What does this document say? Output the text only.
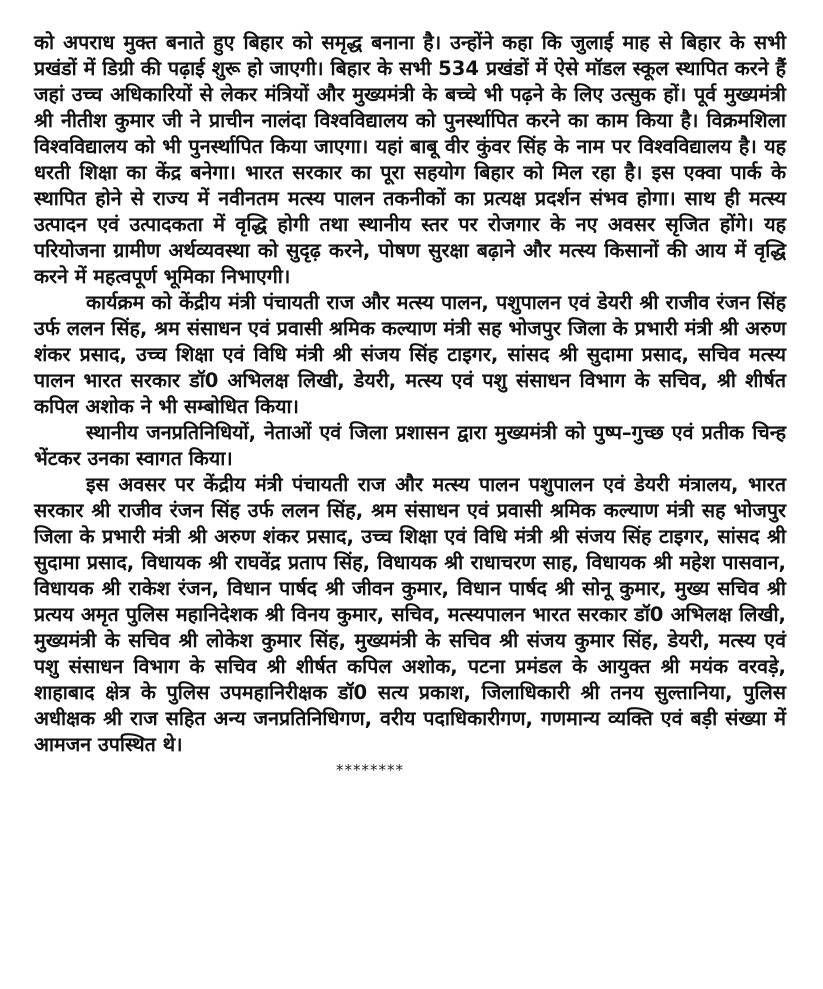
को अपराध मुक्त बनाते हुए बिहार को समृद्ध बनाना है। उन्होंने कहा कि जुलाई माह से बिहार के सभी प्रखंडों में डिग्री की पढ़ाई शुरू हो जाएगी। बिहार के सभी 534 प्रखंडों में ऐसे मॉडल स्कूल स्थापित करने हैं जहां उच्च अधिकारियों से लेकर मंत्रियों और मुख्यमंत्री के बच्चे भी पढ़ने के लिए उत्सुक हों। पूर्व मुख्यमंत्री श्री नीतीश कुमार जी ने प्राचीन नालंदा विश्वविद्यालय को पुनर्स्थापित करने का काम किया है। विक्रमशिला विश्वविद्यालय को भी पुनर्स्थापित किया जाएगा। यहां बाबू वीर कुंवर सिंह के नाम पर विश्वविद्यालय है। यह धरती शिक्षा का केंद्र बनेगा। भारत सरकार का पूरा सहयोग बिहार को मिल रहा है। इस एक्वा पार्क के स्थापित होने से राज्य में नवीनतम मत्स्य पालन तकनीकों का प्रत्यक्ष प्रदर्शन संभव होगा। साथ ही मत्स्य उत्पादन एवं उत्पादकता में वृद्धि होगी तथा स्थानीय स्तर पर रोजगार के नए अवसर सृजित होंगे। यह परियोजना ग्रामीण अर्थव्यवस्था को सुदृढ़ करने, पोषण सुरक्षा बढ़ाने और मत्स्य किसानों की आय में वृद्धि करने में महत्वपूर्ण भूमिका निभाएगी।

कार्यक्रम को केंद्रीय मंत्री पंचायती राज और मत्स्य पालन, पशुपालन एवं डेयरी श्री राजीव रंजन सिंह उर्फ ललन सिंह, श्रम संसाधन एवं प्रवासी श्रमिक कल्याण मंत्री सह भोजपुर जिला के प्रभारी मंत्री श्री अरुण शंकर प्रसाद, उच्च शिक्षा एवं विधि मंत्री श्री संजय सिंह टाइगर, सांसद श्री सुदामा प्रसाद, सचिव मत्स्य पालन भारत सरकार डॉ0 अभिलक्ष लिखी, डेयरी, मत्स्य एवं पशु संसाधन विभाग के सचिव, श्री शीर्षत कपिल अशोक ने भी सम्बोधित किया।

स्थानीय जनप्रतिनिधियों, नेताओं एवं जिला प्रशासन द्वारा मुख्यमंत्री को पुष्प–गुच्छ एवं प्रतीक चिन्ह भेंटकर उनका स्वागत किया।

इस अवसर पर केंद्रीय मंत्री पंचायती राज और मत्स्य पालन पशुपालन एवं डेयरी मंत्रालय, भारत सरकार श्री राजीव रंजन सिंह उर्फ ललन सिंह, श्रम संसाधन एवं प्रवासी श्रमिक कल्याण मंत्री सह भोजपुर जिला के प्रभारी मंत्री श्री अरुण शंकर प्रसाद, उच्च शिक्षा एवं विधि मंत्री श्री संजय सिंह टाइगर, सांसद श्री सुदामा प्रसाद, विधायक श्री राघवेंद्र प्रताप सिंह, विधायक श्री राधाचरण साह, विधायक श्री महेश पासवान, विधायक श्री राकेश रंजन, विधान पार्षद श्री जीवन कुमार, विधान पार्षद श्री सोनू कुमार, मुख्य सचिव श्री प्रत्यय अमृत पुलिस महानिदेशक श्री विनय कुमार, सचिव, मत्स्यपालन भारत सरकार डॉ0 अभिलक्ष लिखी, मुख्यमंत्री के सचिव श्री लोकेश कुमार सिंह, मुख्यमंत्री के सचिव श्री संजय कुमार सिंह, डेयरी, मत्स्य एवं पशु संसाधन विभाग के सचिव श्री शीर्षत कपिल अशोक, पटना प्रमंडल के आयुक्त श्री मयंक वरवड़े, शाहाबाद क्षेत्र के पुलिस उपमहानिरीक्षक डॉ0 सत्य प्रकाश, जिलाधिकारी श्री तनय सुल्तानिया, पुलिस अधीक्षक श्री राज सहित अन्य जनप्रतिनिधिगण, वरीय पदाधिकारीगण, गणमान्य व्यक्ति एवं बड़ी संख्या में आमजन उपस्थित थे।

********
